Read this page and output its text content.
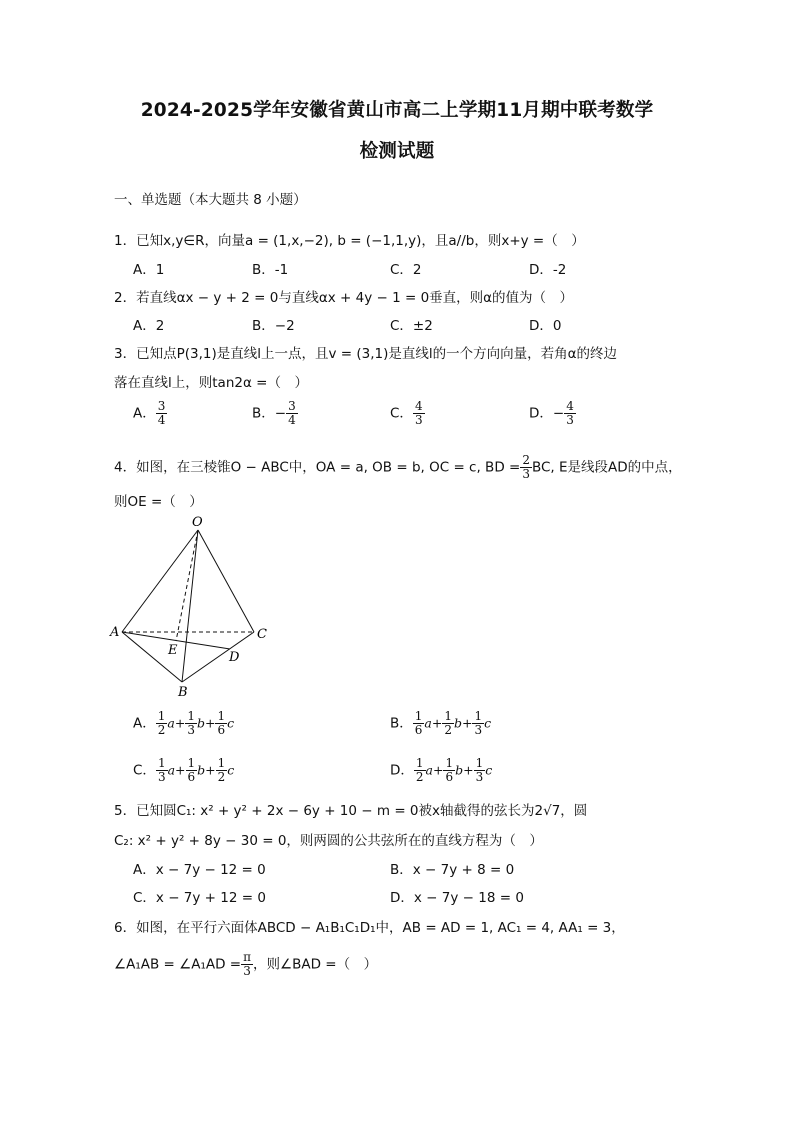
2024-2025学年安徽省黄山市高二上学期11月期中联考数学
检测试题
一、单选题（本大题共 8 小题）
1．已知x,y∈R，向量a = (1,x,−2), b = (−1,1,y)，且a//b，则x+y =（　）
A．1	B．-1	C．2	D．-2
2．若直线αx − y + 2 = 0与直线αx + 4y − 1 = 0垂直，则α的值为（　）
A．2	B．−2	C．±2	D．0
3．已知点P(3,1)是直线l上一点，且v = (3,1)是直线l的一个方向向量，若角α的终边
落在直线l上，则tan2α =（　）
A． $\frac{3}{4}$	B．− $\frac{3}{4}$	C． $\frac{4}{3}$	D．− $\frac{4}{3}$
4．如图，在三棱锥O − ABC中，OA = a, OB = b, OC = c, BD = $\frac{2}{3}$ BC, E是线段AD的中点，
则OE =（　）
O
A	C
E	D
B
A． $\frac{1}{2} a+ \frac{1}{3} b+ \frac{1}{6}$ c	B． $\frac{1}{6} a+ \frac{1}{2} b+ \frac{1}{3}$ c
C． $\frac{1}{3} a+ \frac{1}{6} b+ \frac{1}{2}$ c	D． $\frac{1}{2} a+ \frac{1}{6} b+ \frac{1}{3}$ c
5．已知圆C₁: x² + y² + 2x − 6y + 10 − m = 0被x轴截得的弦长为2√7，圆
C₂: x² + y² + 8y − 30 = 0，则两圆的公共弦所在的直线方程为（　）
A．x − 7y − 12 = 0	B．x − 7y + 8 = 0
C．x − 7y + 12 = 0	D．x − 7y − 18 = 0
6．如图，在平行六面体ABCD − A₁B₁C₁D₁中，AB = AD = 1, AC₁ = 4, AA₁ = 3，
∠A₁AB = ∠A₁AD = $\frac{\pi}{3}$ ，则∠BAD =（　）
